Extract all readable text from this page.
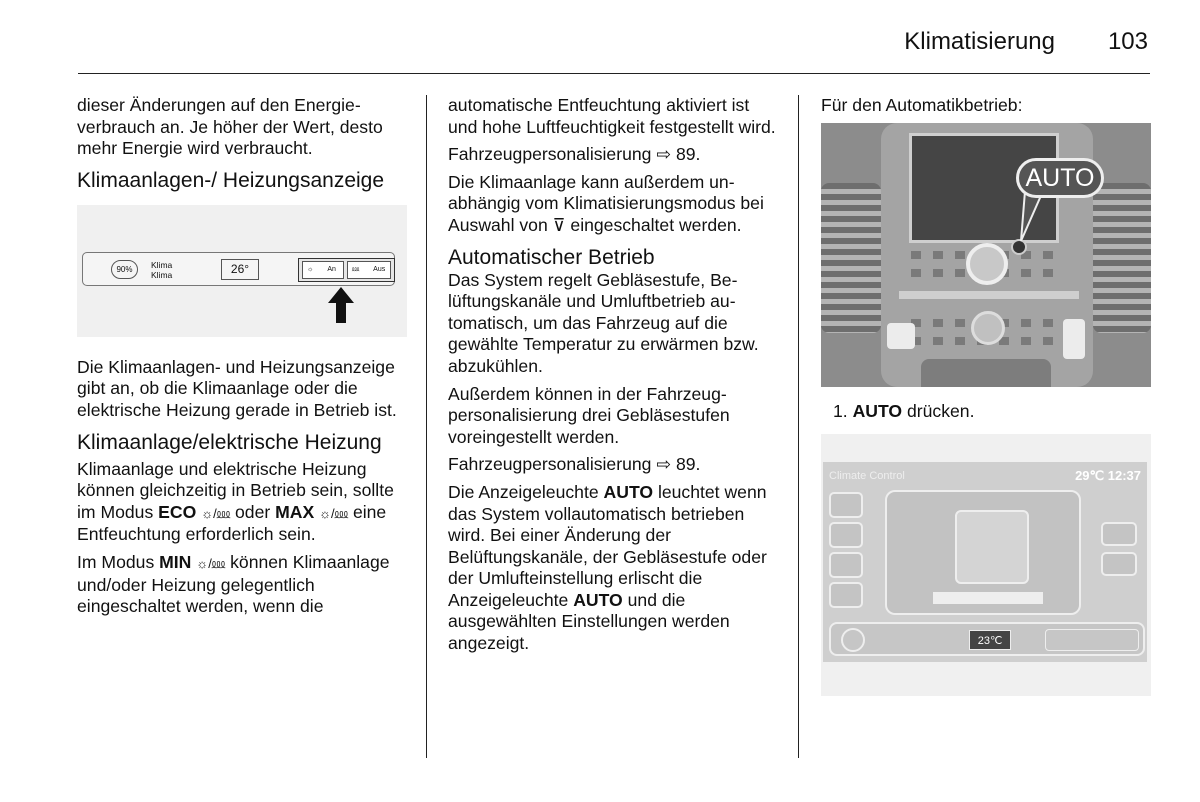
Klimatisierung 103

dieser Änderungen auf den Energieverbrauch an. Je höher der Wert, desto mehr Energie wird verbraucht.

Klimaanlagen-/ Heizungsanzeige
90%	Klima
Klima	26°	☼ An	⅏ Aus

Die Klimaanlagen- und Heizungsanzeige gibt an, ob die Klimaanlage oder die elektrische Heizung gerade in Betrieb ist.

Klimaanlage/elektrische Heizung

Klimaanlage und elektrische Heizung können gleichzeitig in Betrieb sein, sollte im Modus ECO ☼/⅏ oder MAX ☼/⅏ eine Entfeuchtung erforderlich sein.

Im Modus MIN ☼/⅏ können Klimaanlage und/oder Heizung gelegentlich eingeschaltet werden, wenn die

automatische Entfeuchtung aktiviert ist und hohe Luftfeuchtigkeit festgestellt wird.

Fahrzeugpersonalisierung ⇨ 89.

Die Klimaanlage kann außerdem unabhängig vom Klimatisierungsmodus bei Auswahl von ⊽ eingeschaltet werden.

Automatischer Betrieb

Das System regelt Gebläsestufe, Belüftungskanäle und Umluftbetrieb automatisch, um das Fahrzeug auf die gewählte Temperatur zu erwärmen bzw. abzukühlen.

Außerdem können in der Fahrzeugpersonalisierung drei Gebläsestufen voreingestellt werden.

Fahrzeugpersonalisierung ⇨ 89.

Die Anzeigeleuchte AUTO leuchtet wenn das System vollautomatisch betrieben wird. Bei einer Änderung der Belüftungskanäle, der Gebläsestufe oder der Umlufteinstellung erlischt die Anzeigeleuchte AUTO und die ausgewählten Einstellungen werden angezeigt.

Für den Automatikbetrieb:

AUTO

1. AUTO drücken.

Climate Control	29℃ 12:37
23℃
